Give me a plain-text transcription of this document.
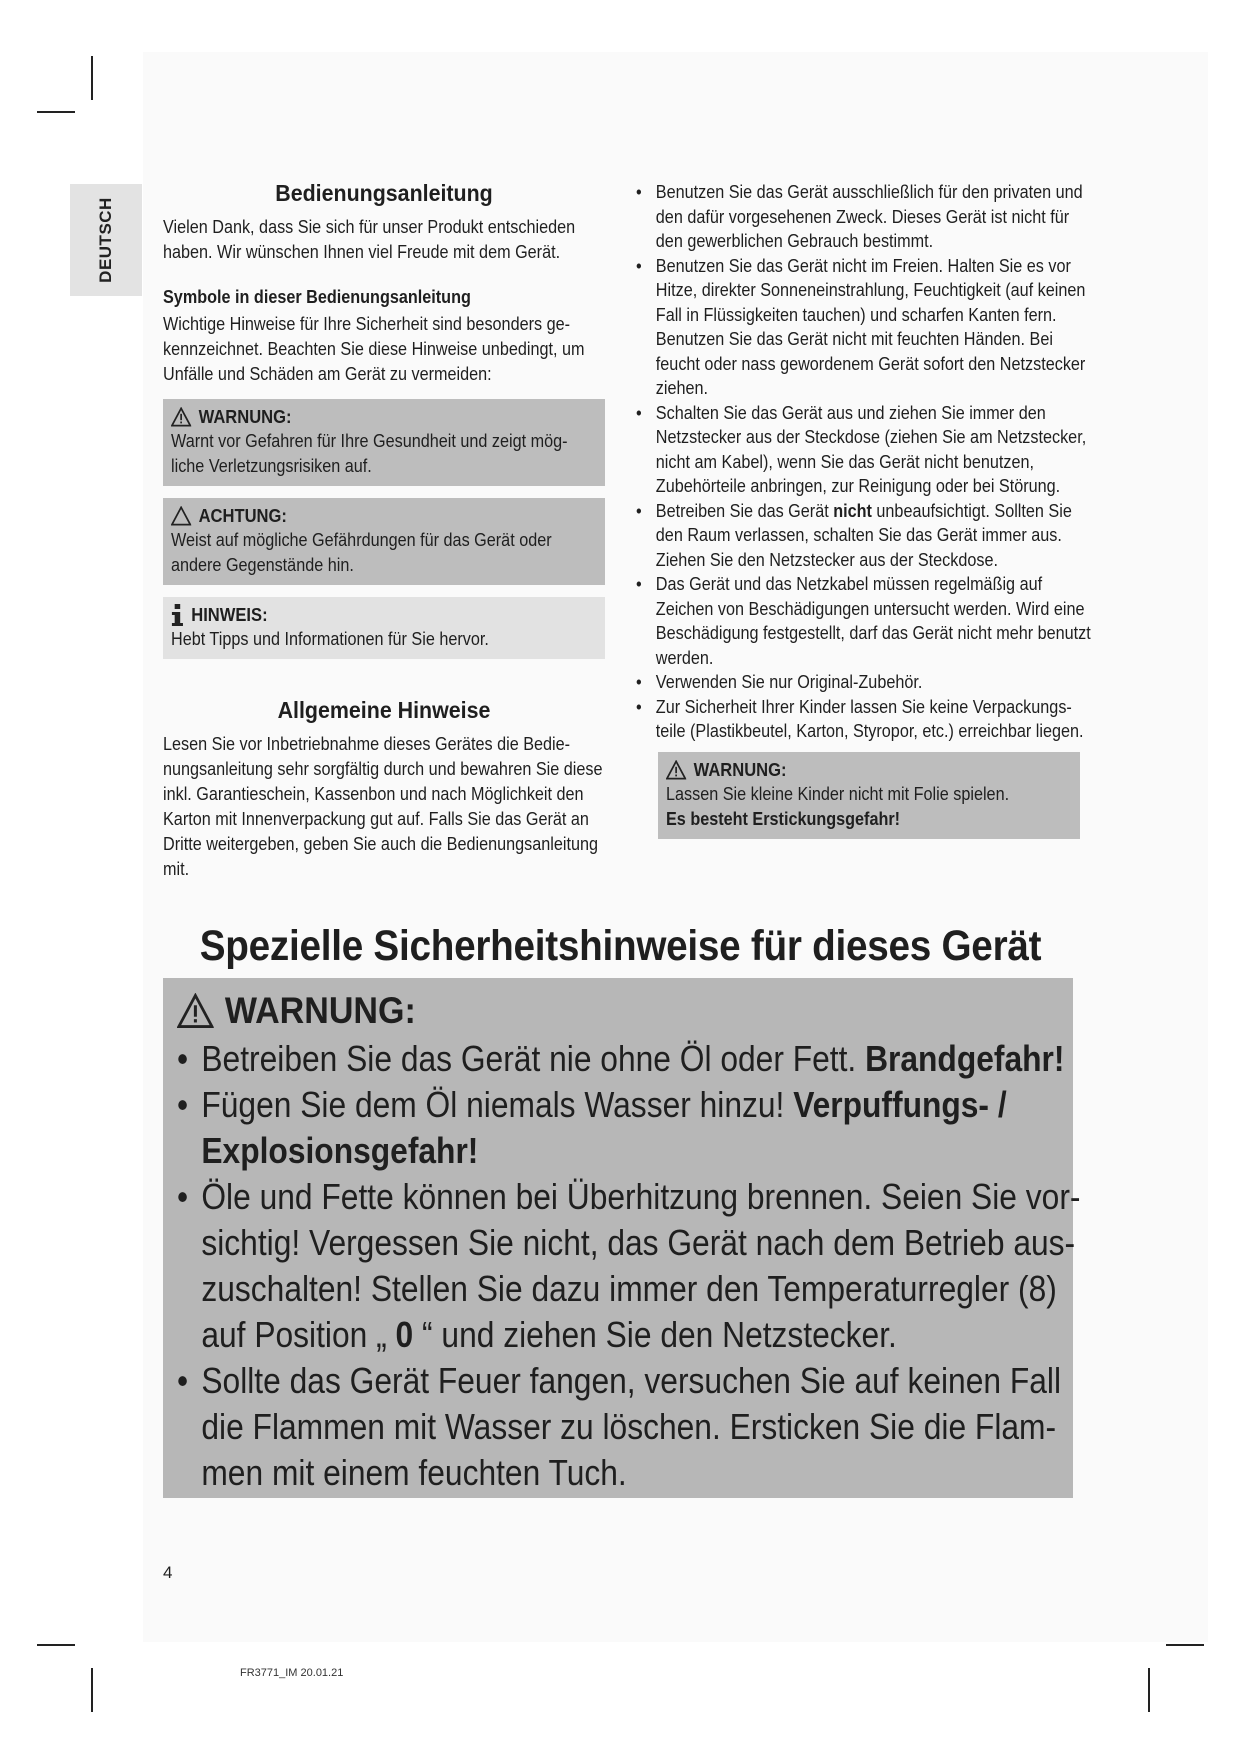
DEUTSCH
Bedienungsanleitung

Vielen Dank, dass Sie sich für unser Produkt entschieden haben. Wir wünschen Ihnen viel Freude mit dem Gerät.

Symbole in dieser Bedienungsanleitung

Wichtige Hinweise für Ihre Sicherheit sind besonders ge-kennzeichnet. Beachten Sie diese Hinweise unbedingt, um Unfälle und Schäden am Gerät zu vermeiden:

WARNUNG:
Warnt vor Gefahren für Ihre Gesundheit und zeigt mög-liche Verletzungsrisiken auf.
ACHTUNG:
Weist auf mögliche Gefährdungen für das Gerät oder andere Gegenstände hin.
HINWEIS:
Hebt Tipps und Informationen für Sie hervor.
Allgemeine Hinweise

Lesen Sie vor Inbetriebnahme dieses Gerätes die Bedie-nungsanleitung sehr sorgfältig durch und bewahren Sie diese inkl. Garantieschein, Kassenbon und nach Möglichkeit den Karton mit Innenverpackung gut auf. Falls Sie das Gerät an Dritte weitergeben, geben Sie auch die Bedienungsanleitung mit.

• Benutzen Sie das Gerät ausschließlich für den privaten und den dafür vorgesehenen Zweck. Dieses Gerät ist nicht für den gewerblichen Gebrauch bestimmt.
• Benutzen Sie das Gerät nicht im Freien. Halten Sie es vor Hitze, direkter Sonneneinstrahlung, Feuchtigkeit (auf keinen Fall in Flüssigkeiten tauchen) und scharfen Kanten fern. Benutzen Sie das Gerät nicht mit feuchten Händen. Bei feucht oder nass gewordenem Gerät sofort den Netzstecker ziehen.
• Schalten Sie das Gerät aus und ziehen Sie immer den Netzstecker aus der Steckdose (ziehen Sie am Netzstecker, nicht am Kabel), wenn Sie das Gerät nicht benutzen, Zubehörteile anbringen, zur Reinigung oder bei Störung.
• Betreiben Sie das Gerät nicht unbeaufsichtigt. Sollten Sie den Raum verlassen, schalten Sie das Gerät immer aus. Ziehen Sie den Netzstecker aus der Steckdose.
• Das Gerät und das Netzkabel müssen regelmäßig auf Zeichen von Beschädigungen untersucht werden. Wird eine Beschädigung festgestellt, darf das Gerät nicht mehr benutzt werden.
• Verwenden Sie nur Original-Zubehör.
• Zur Sicherheit Ihrer Kinder lassen Sie keine Verpackungs-teile (Plastikbeutel, Karton, Styropor, etc.) erreichbar liegen.
WARNUNG:
Lassen Sie kleine Kinder nicht mit Folie spielen.
Es besteht Erstickungsgefahr!
Spezielle Sicherheitshinweise für dieses Gerät
WARNUNG:
• Betreiben Sie das Gerät nie ohne Öl oder Fett. Brandgefahr!
• Fügen Sie dem Öl niemals Wasser hinzu! Verpuffungs- / Explosionsgefahr!
• Öle und Fette können bei Überhitzung brennen. Seien Sie vor-sichtig! Vergessen Sie nicht, das Gerät nach dem Betrieb aus-zuschalten! Stellen Sie dazu immer den Temperaturregler (8) auf Position „ 0 “ und ziehen Sie den Netzstecker.
• Sollte das Gerät Feuer fangen, versuchen Sie auf keinen Fall die Flammen mit Wasser zu löschen. Ersticken Sie die Flam-men mit einem feuchten Tuch.
4
FR3771_IM 20.01.21
